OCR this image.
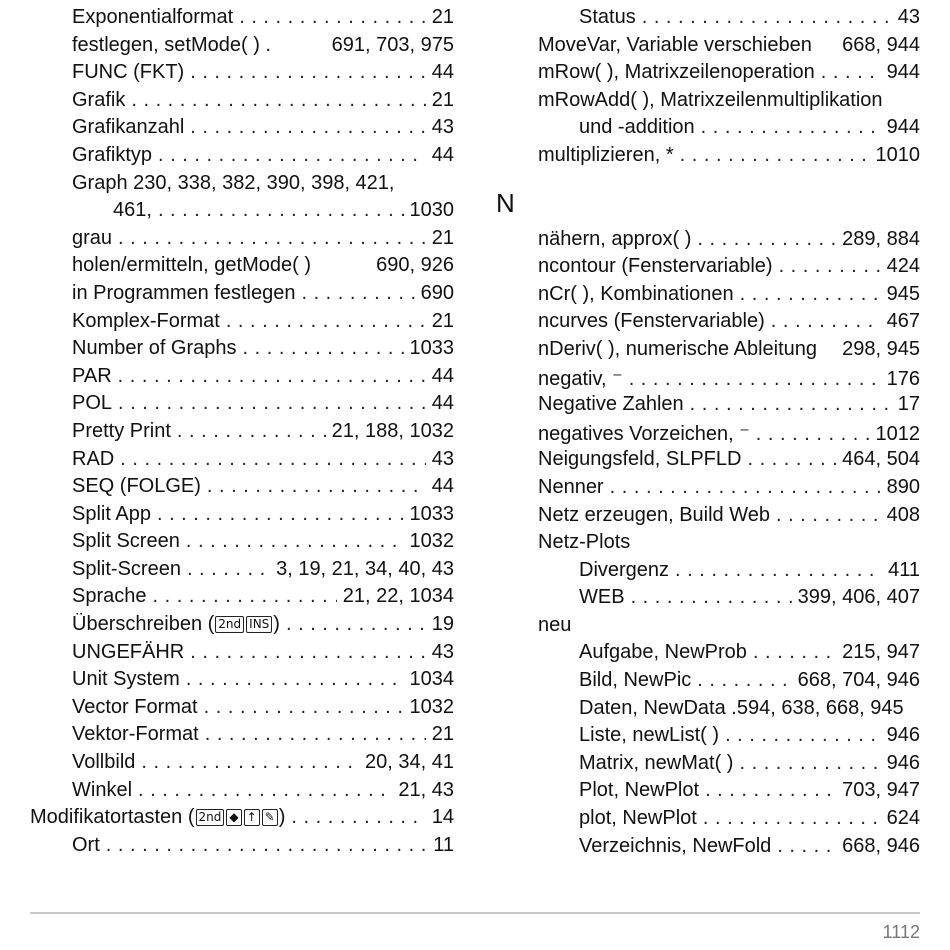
Exponentialformat . . .	21
festlegen, setMode( ) .	691, 703, 975
FUNC (FKT) . . .	44
Grafik . . .	21
Grafikanzahl . . .	43
Grafiktyp . . .	44
Graph 230, 338, 382, 390, 398, 421,
461, . . .	1030
grau . . .	21
holen/ermitteln, getMode( )	690, 926
in Programmen festlegen . . .	690
Komplex-Format . . .	21
Number of Graphs . . .	1033
PAR . . .	44
POL . . .	44
Pretty Print . . .	21, 188, 1032
RAD . . .	43
SEQ (FOLGE) . . .	44
Split App . . .	1033
Split Screen . . .	1032
Split-Screen . . .	3, 19, 21, 34, 40, 43
Sprache . . .	21, 22, 1034
Überschreiben ( 2nd INS ) . . .	19
UNGEFÄHR . . .	43
Unit System . . .	1034
Vector Format . . .	1032
Vektor-Format . . .	21
Vollbild . . .	20, 34, 41
Winkel . . .	21, 43
Modifikatortasten ( 2nd ◆ ↑ ✎ ) . . .	14
Ort . . .	11
Status . . .	43
MoveVar, Variable verschieben 668, 944
mRow( ), Matrixzeilenoperation . . .	944
mRowAdd( ), Matrixzeilenmultiplikation
und -addition . . .	944
multiplizieren, * . . .	1010
N
nähern, approx( ) . . .	289, 884
ncontour (Fenstervariable) . . .	424
nCr( ), Kombinationen . . .	945
ncurves (Fenstervariable) . . .	467
nDeriv( ), numerische Ableitung 298, 945
negativ, ⁻ . . .	176
Negative Zahlen . . .	17
negatives Vorzeichen, ⁻ . . .	1012
Neigungsfeld, SLPFLD . . .	464, 504
Nenner . . .	890
Netz erzeugen, Build Web . . .	408
Netz-Plots
Divergenz . . .	411
WEB . . .	399, 406, 407
neu
Aufgabe, NewProb . . .	215, 947
Bild, NewPic . . .	668, 704, 946
Daten, NewData .594, 638, 668, 945
Liste, newList( ) . . .	946
Matrix, newMat( ) . . .	946
Plot, NewPlot . . .	703, 947
plot, NewPlot . . .	624
Verzeichnis, NewFold . . .	668, 946
1112
